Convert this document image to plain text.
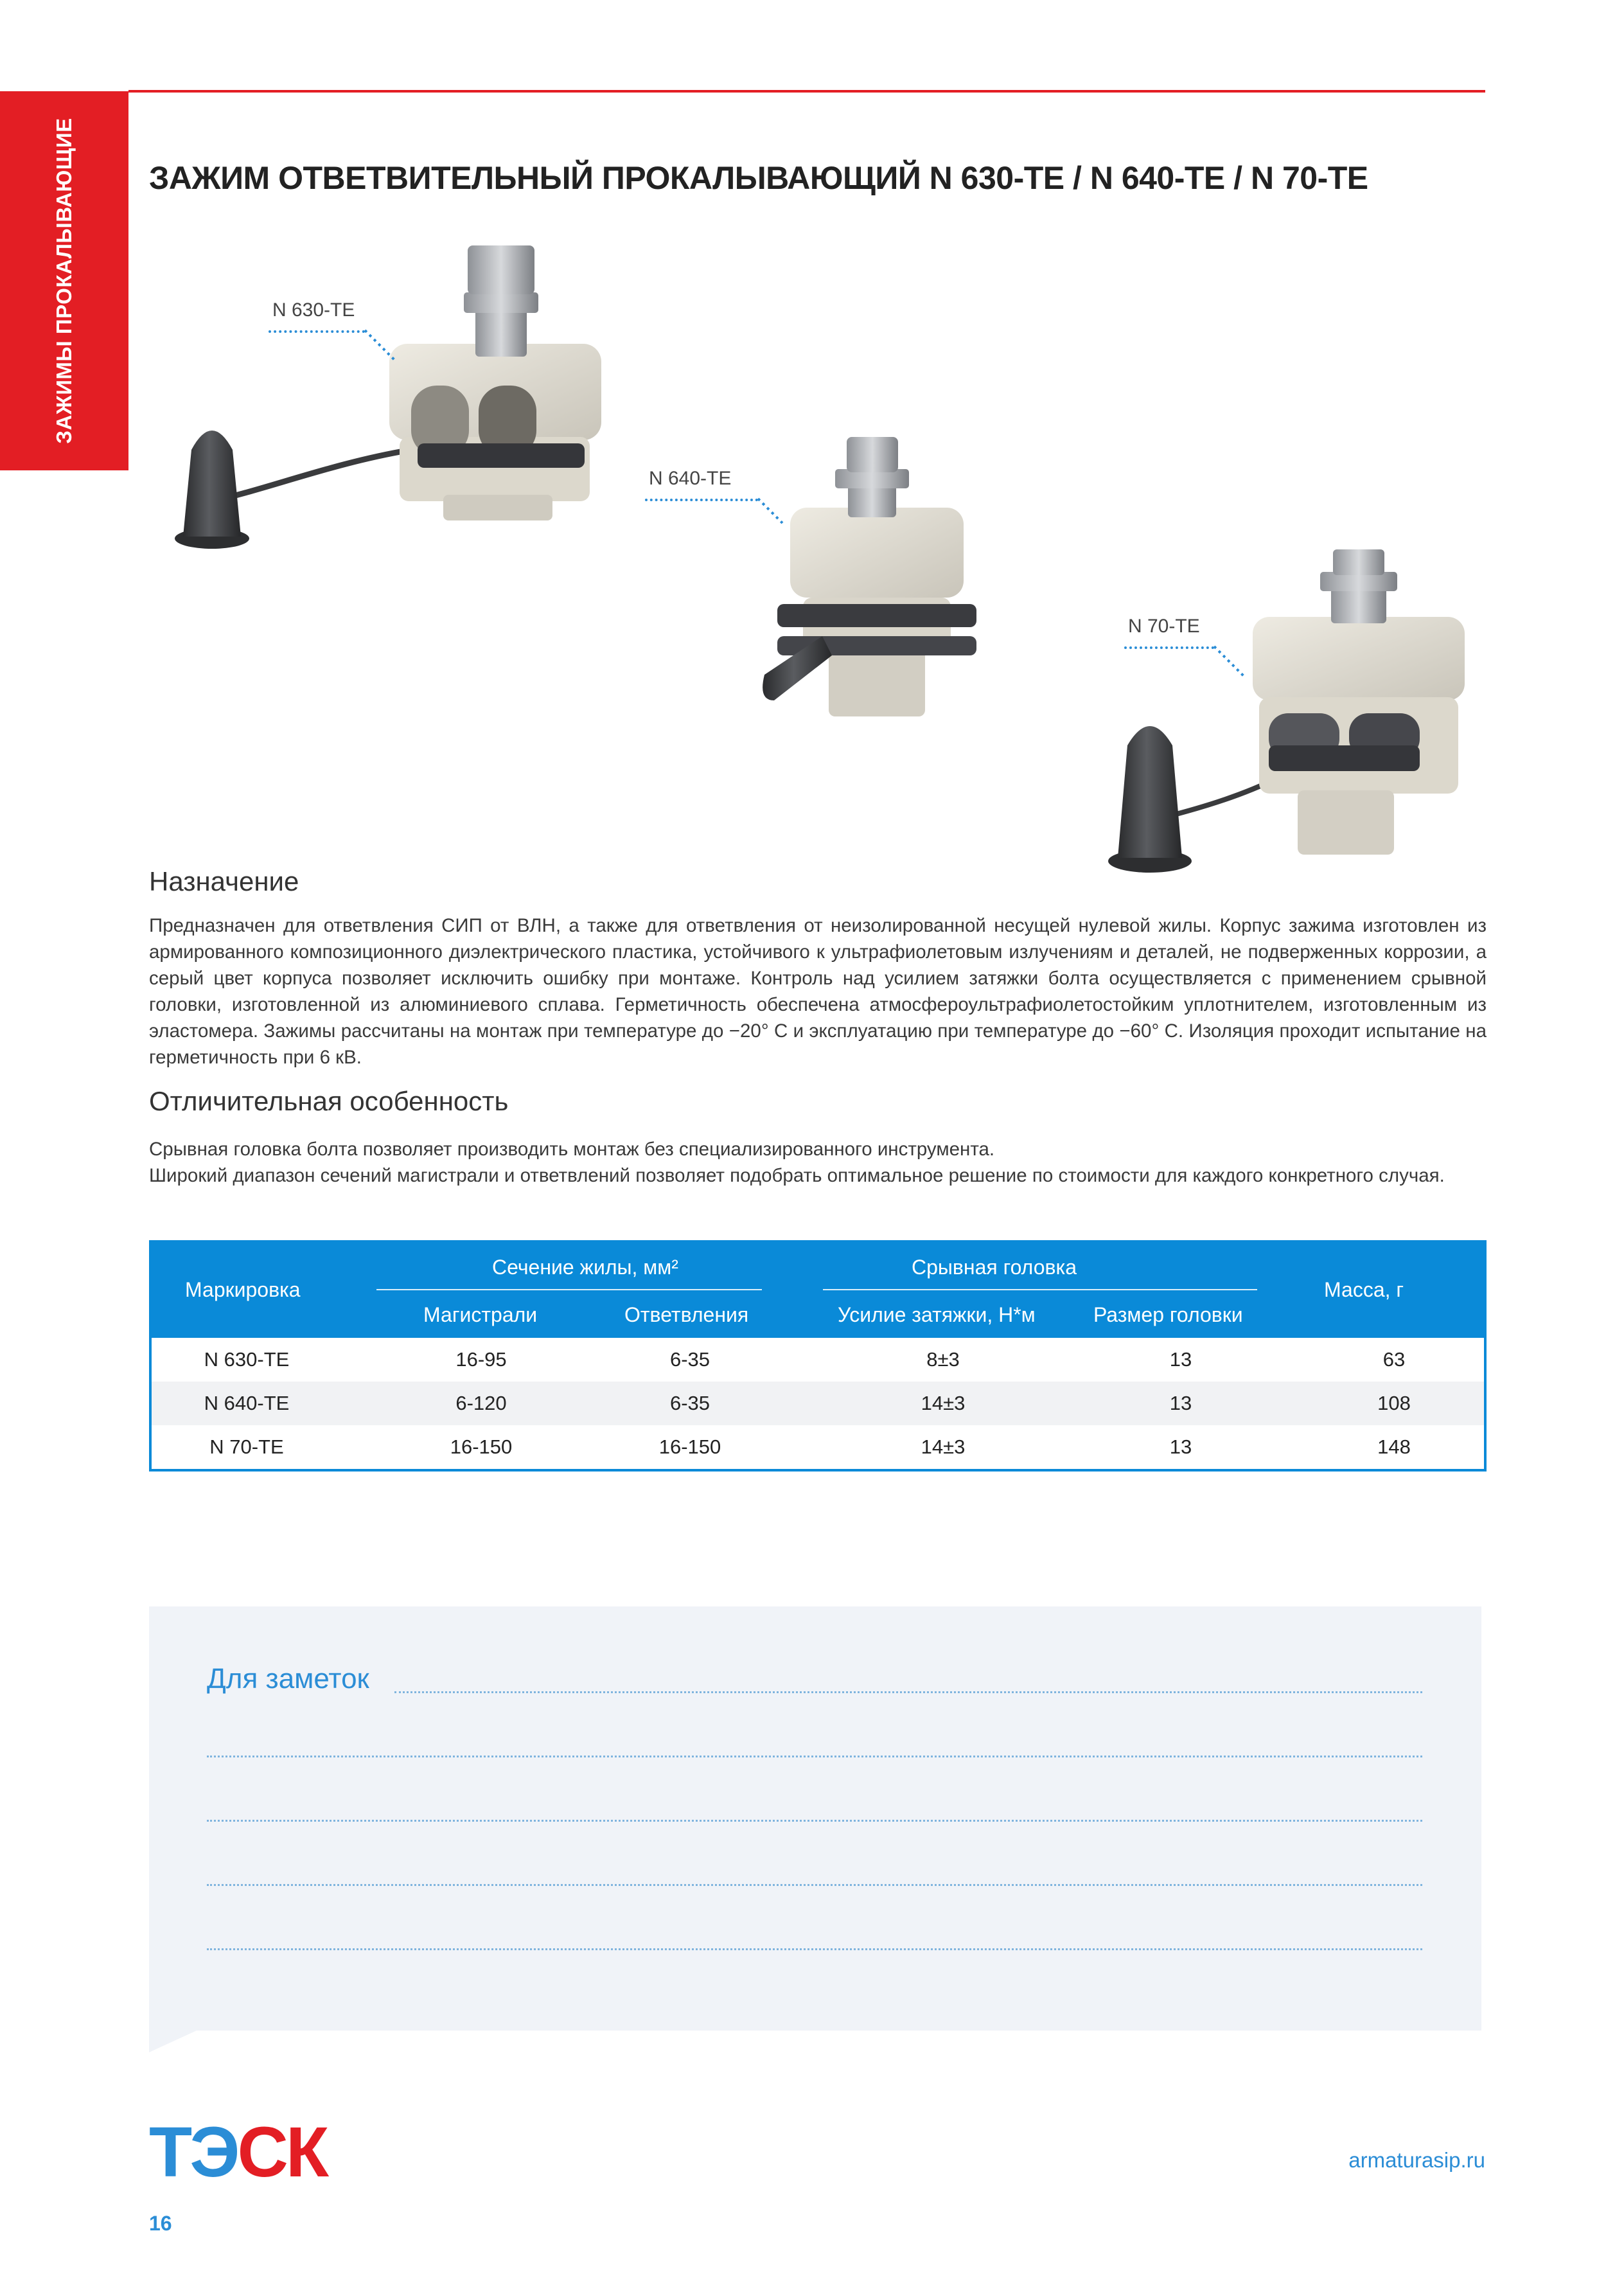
ЗАЖИМЫ ПРОКАЛЫВАЮЩИЕ ЗАЖИМ ОТВЕТВИТЕЛЬНЫЙ ПРОКАЛЫВАЮЩИЙ N 630-TE / N 640-TE / N 70-TE
N 630-TE
N 640-TE
N 70-TE
Назначение

Предназначен для ответвления СИП от ВЛН, а также для ответвления от неизолированной несущей нулевой жилы. Корпус зажима изготовлен из армированного композиционного диэлектрического пластика, устойчивого к ультрафиолетовым излучениям и деталей, не подверженных коррозии, а серый цвет корпуса позволяет исключить ошибку при монтаже. Контроль над усилием затяжки болта осуществляется с применением срывной головки, изготовленной из алюминиевого сплава. Герметичность обеспечена атмосфероультрафиолетостойким уплотнителем, изготовленным из эластомера. Зажимы рассчитаны на монтаж при температуре до −20° С и эксплуатацию при температуре до −60° С. Изоляция проходит испытание на герметичность при 6 кВ.

Отличительная особенность

Срывная головка болта позволяет производить монтаж без специализированного инструмента.

Широкий диапазон сечений магистрали и ответвлений позволяет подобрать оптимальное решение по стоимости для каждого конкретного случая.

Маркировка
Сечение жилы, мм²
Магистрали	Ответвления
Срывная головка
Усилие затяжки, Н*м	Размер головки
Масса, г
N 630-TE	16-95	6-35	8±3	13	63
N 640-TE	6-120	6-35	14±3	13	108
N 70-TE	16-150	16-150	14±3	13	148
Для заметок
ТЭСК	armaturasip.ru
16
